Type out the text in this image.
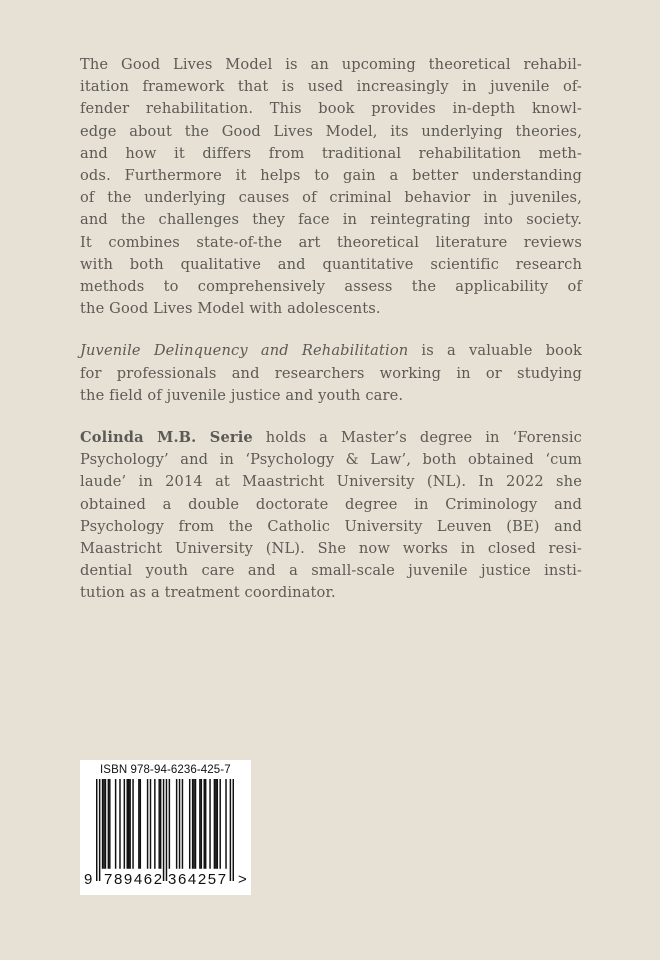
The Good Lives Model is an upcoming theoretical rehabil-
itation framework that is used increasingly in juvenile of-
fender rehabilitation. This book provides in-depth knowl-
edge about the Good Lives Model, its underlying theories,
and how it differs from traditional rehabilitation meth-
ods. Furthermore it helps to gain a better understanding
of the underlying causes of criminal behavior in juveniles,
and the challenges they face in reintegrating into society.
It combines state-of-the art theoretical literature reviews
with both qualitative and quantitative scientific research
methods to comprehensively assess the applicability of
the Good Lives Model with adolescents.

Juvenile Delinquency and Rehabilitation is a valuable book
for professionals and researchers working in or studying
the field of juvenile justice and youth care.

Colinda M.B. Serie holds a Master’s degree in ‘Forensic
Psychology’ and in ‘Psychology & Law’, both obtained ‘cum
laude’ in 2014 at Maastricht University (NL). In 2022 she
obtained a double doctorate degree in Criminology and
Psychology from the Catholic University Leuven (BE) and
Maastricht University (NL). She now works in closed resi-
dential youth care and a small-scale juvenile justice insti-
tution as a treatment coordinator.

ISBN 978-94-6236-425-7
9 789462 364257 >
